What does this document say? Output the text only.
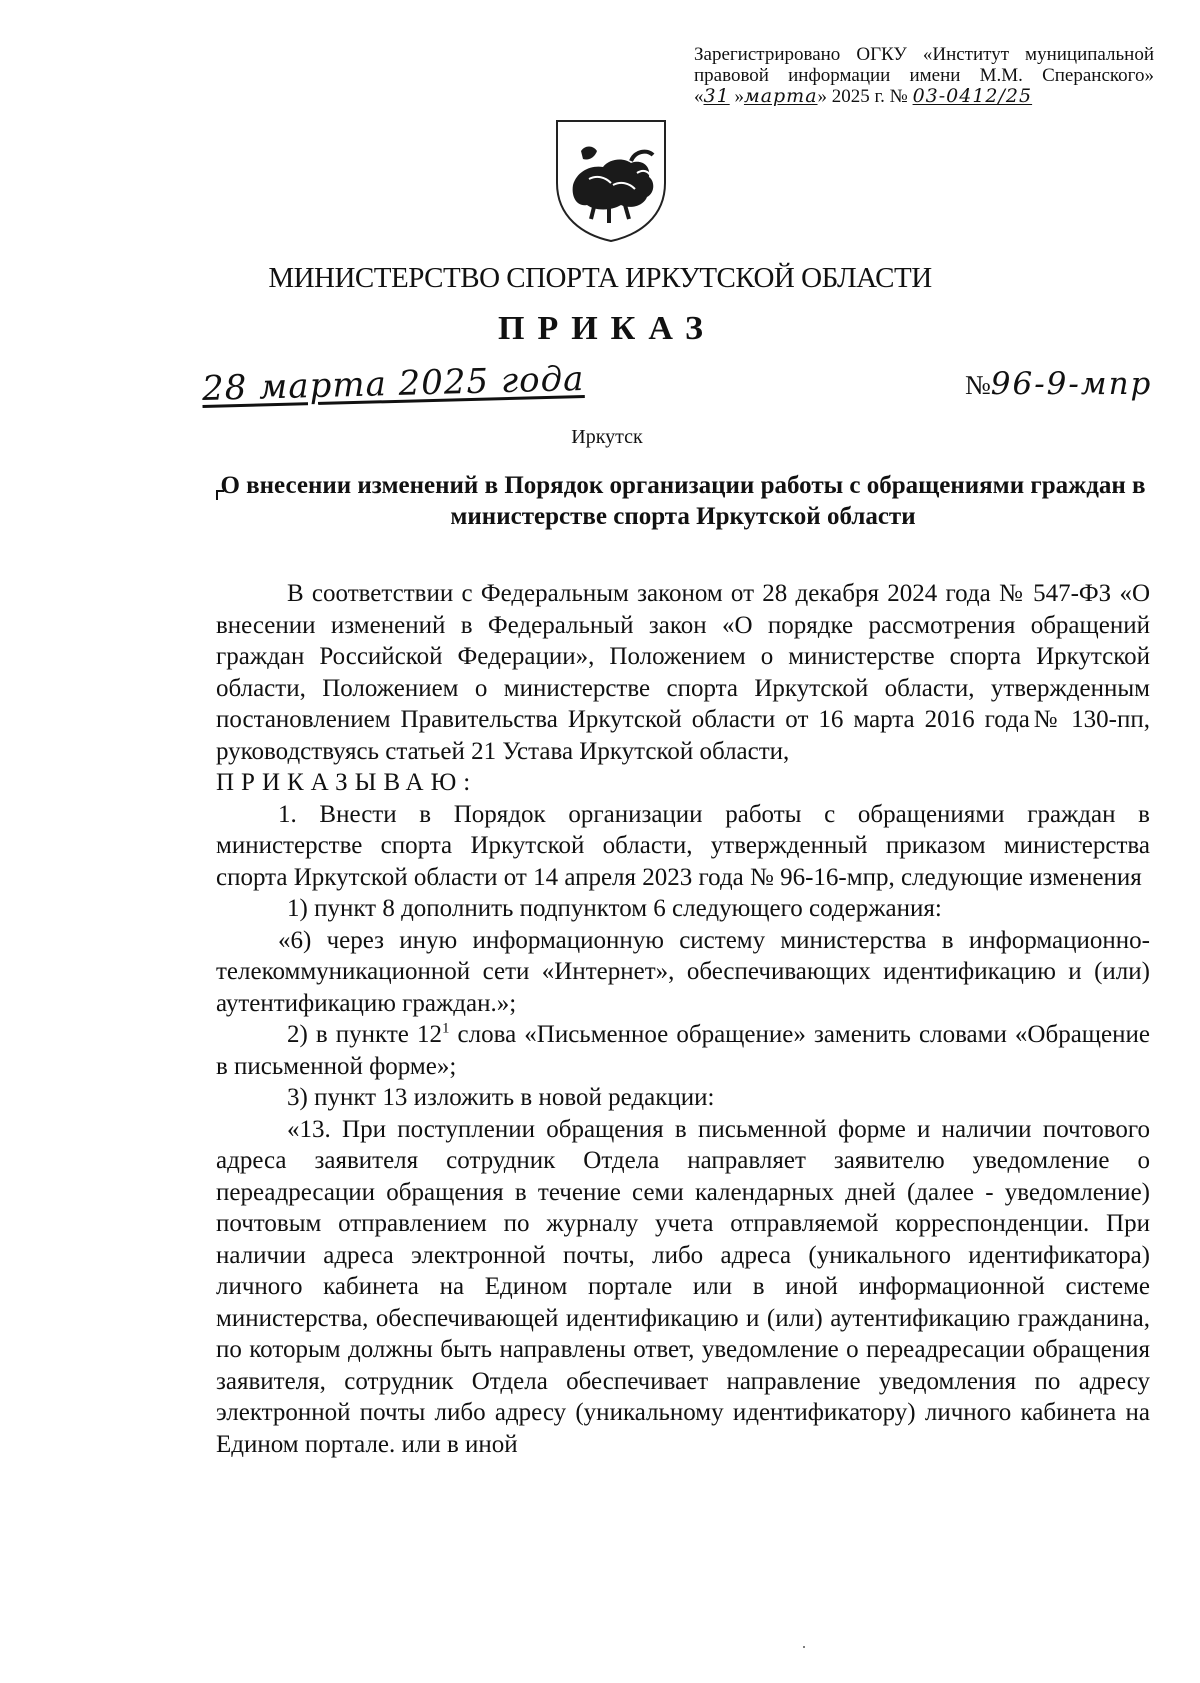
Зарегистрировано ОГКУ «Институт муниципальной
правовой информации имени М.М. Сперанского»
«31 »марта» 2025 г. № 03-0412/25
МИНИСТЕРСТВО СПОРТА ИРКУТСКОЙ ОБЛАСТИ
ПРИКАЗ
28 марта 2025 года	№96-9-мпр
Иркутск
О внесении изменений в Порядок организации работы с обращениями граждан в министерстве спорта Иркутской области

В соответствии с Федеральным законом от 28 декабря 2024 года № 547-ФЗ «О внесении изменений в Федеральный закон «О порядке рассмотрения обращений граждан Российской Федерации», Положением о министерстве спорта Иркутской области, Положением о министерстве спорта Иркутской области, утвержденным постановлением Правительства Иркутской области от 16 марта 2016 года№ 130-пп, руководствуясь статьей 21 Устава Иркутской области,

ПРИКАЗЫВАЮ:

1. Внести в Порядок организации работы с обращениями граждан в министерстве спорта Иркутской области, утвержденный приказом министерства спорта Иркутской области от 14 апреля 2023 года № 96-16-мпр, следующие изменения

1) пункт 8 дополнить подпунктом 6 следующего содержания:

«6) через иную информационную систему министерства в информационно-телекоммуникационной сети «Интернет», обеспечивающих идентификацию и (или) аутентификацию граждан.»;

2) в пункте $12^1$ слова «Письменное обращение» заменить словами «Обращение в письменной форме»;

3) пункт 13 изложить в новой редакции:

«13. При поступлении обращения в письменной форме и наличии почтового адреса заявителя сотрудник Отдела направляет заявителю уведомление о переадресации обращения в течение семи календарных дней (далее - уведомление) почтовым отправлением по журналу учета отправляемой корреспонденции. При наличии адреса электронной почты, либо адреса (уникального идентификатора) личного кабинета на Едином портале или в иной информационной системе министерства, обеспечивающей идентификацию и (или) аутентификацию гражданина, по которым должны быть направлены ответ, уведомление о переадресации обращения заявителя, сотрудник Отдела обеспечивает направление уведомления по адресу электронной почты либо адресу (уникальному идентификатору) личного кабинета на Едином портале. или в иной
